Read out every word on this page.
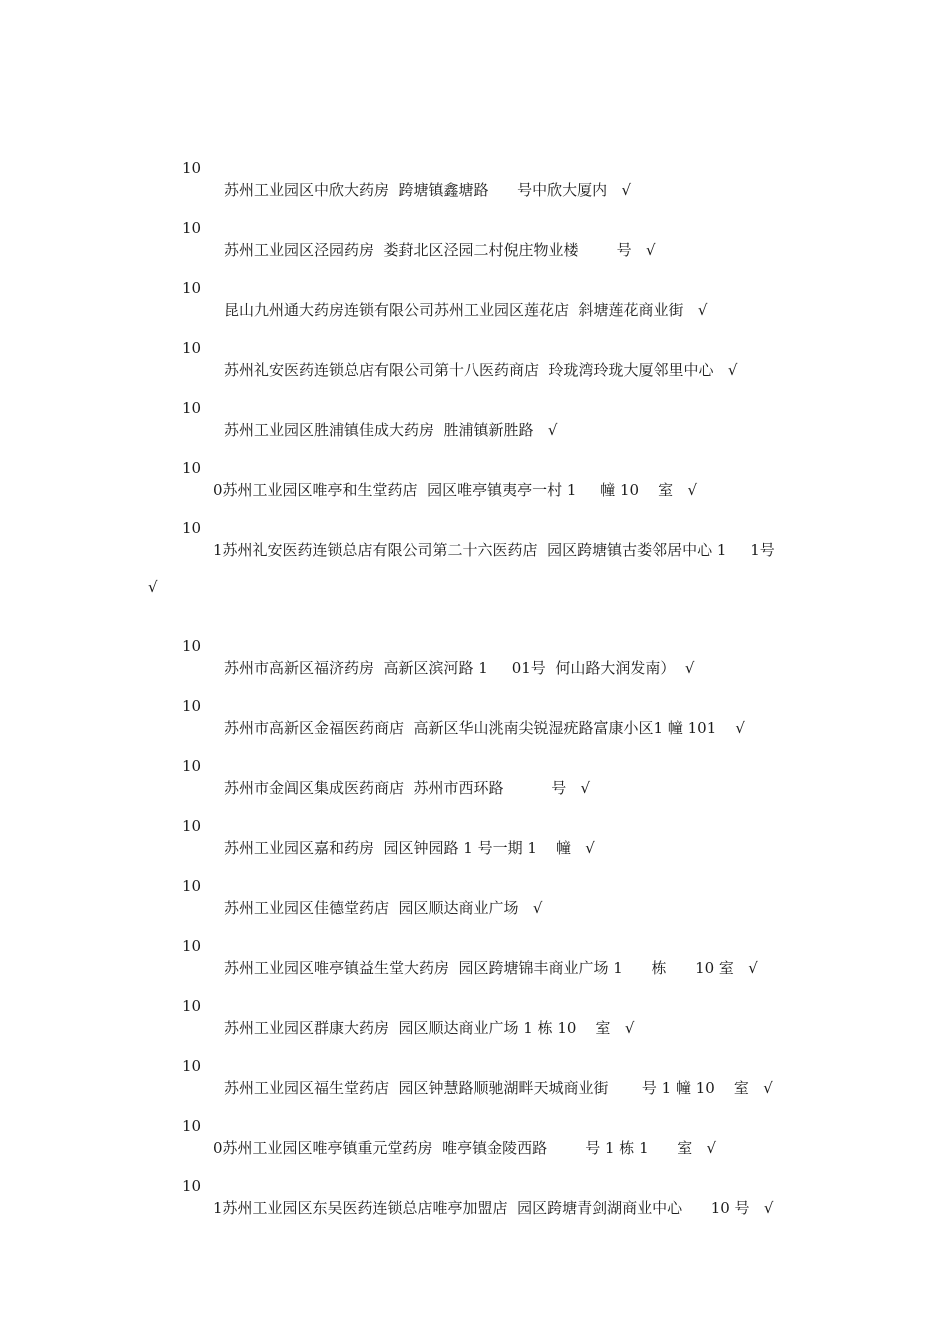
10

苏州工业园区中欣大药房  跨塘镇鑫塘路      号中欣大厦内   √

10

苏州工业园区泾园药房  娄葑北区泾园二村倪庄物业楼        号   √

10

昆山九州通大药房连锁有限公司苏州工业园区莲花店  斜塘莲花商业街   √

10

苏州礼安医药连锁总店有限公司第十八医药商店  玲珑湾玲珑大厦邻里中心   √

10

苏州工业园区胜浦镇佳成大药房  胜浦镇新胜路   √

10

0苏州工业园区唯亭和生堂药店  园区唯亭镇夷亭一村 1     幢 10    室   √

10

1苏州礼安医药连锁总店有限公司第二十六医药店  园区跨塘镇古娄邻居中心 1     1号

√

10

苏州市高新区福济药房  高新区滨河路 1     01号  何山路大润发南）  √

10

苏州市高新区金福医药商店  高新区华山洮南尖锐湿疣路富康小区1 幢 101    √

10

苏州市金阊区集成医药商店  苏州市西环路          号   √

10

苏州工业园区嘉和药房  园区钟园路 1 号一期 1    幢   √

10

苏州工业园区佳德堂药店  园区顺达商业广场   √

10

苏州工业园区唯亭镇益生堂大药房  园区跨塘锦丰商业广场 1      栋      10 室   √

10

苏州工业园区群康大药房  园区顺达商业广场 1 栋 10    室   √

10

苏州工业园区福生堂药店  园区钟慧路顺驰湖畔天城商业街       号 1 幢 10    室   √

10

0苏州工业园区唯亭镇重元堂药房  唯亭镇金陵西路        号 1 栋 1      室   √

10

1苏州工业园区东吴医药连锁总店唯亭加盟店  园区跨塘青剑湖商业中心      10 号   √
